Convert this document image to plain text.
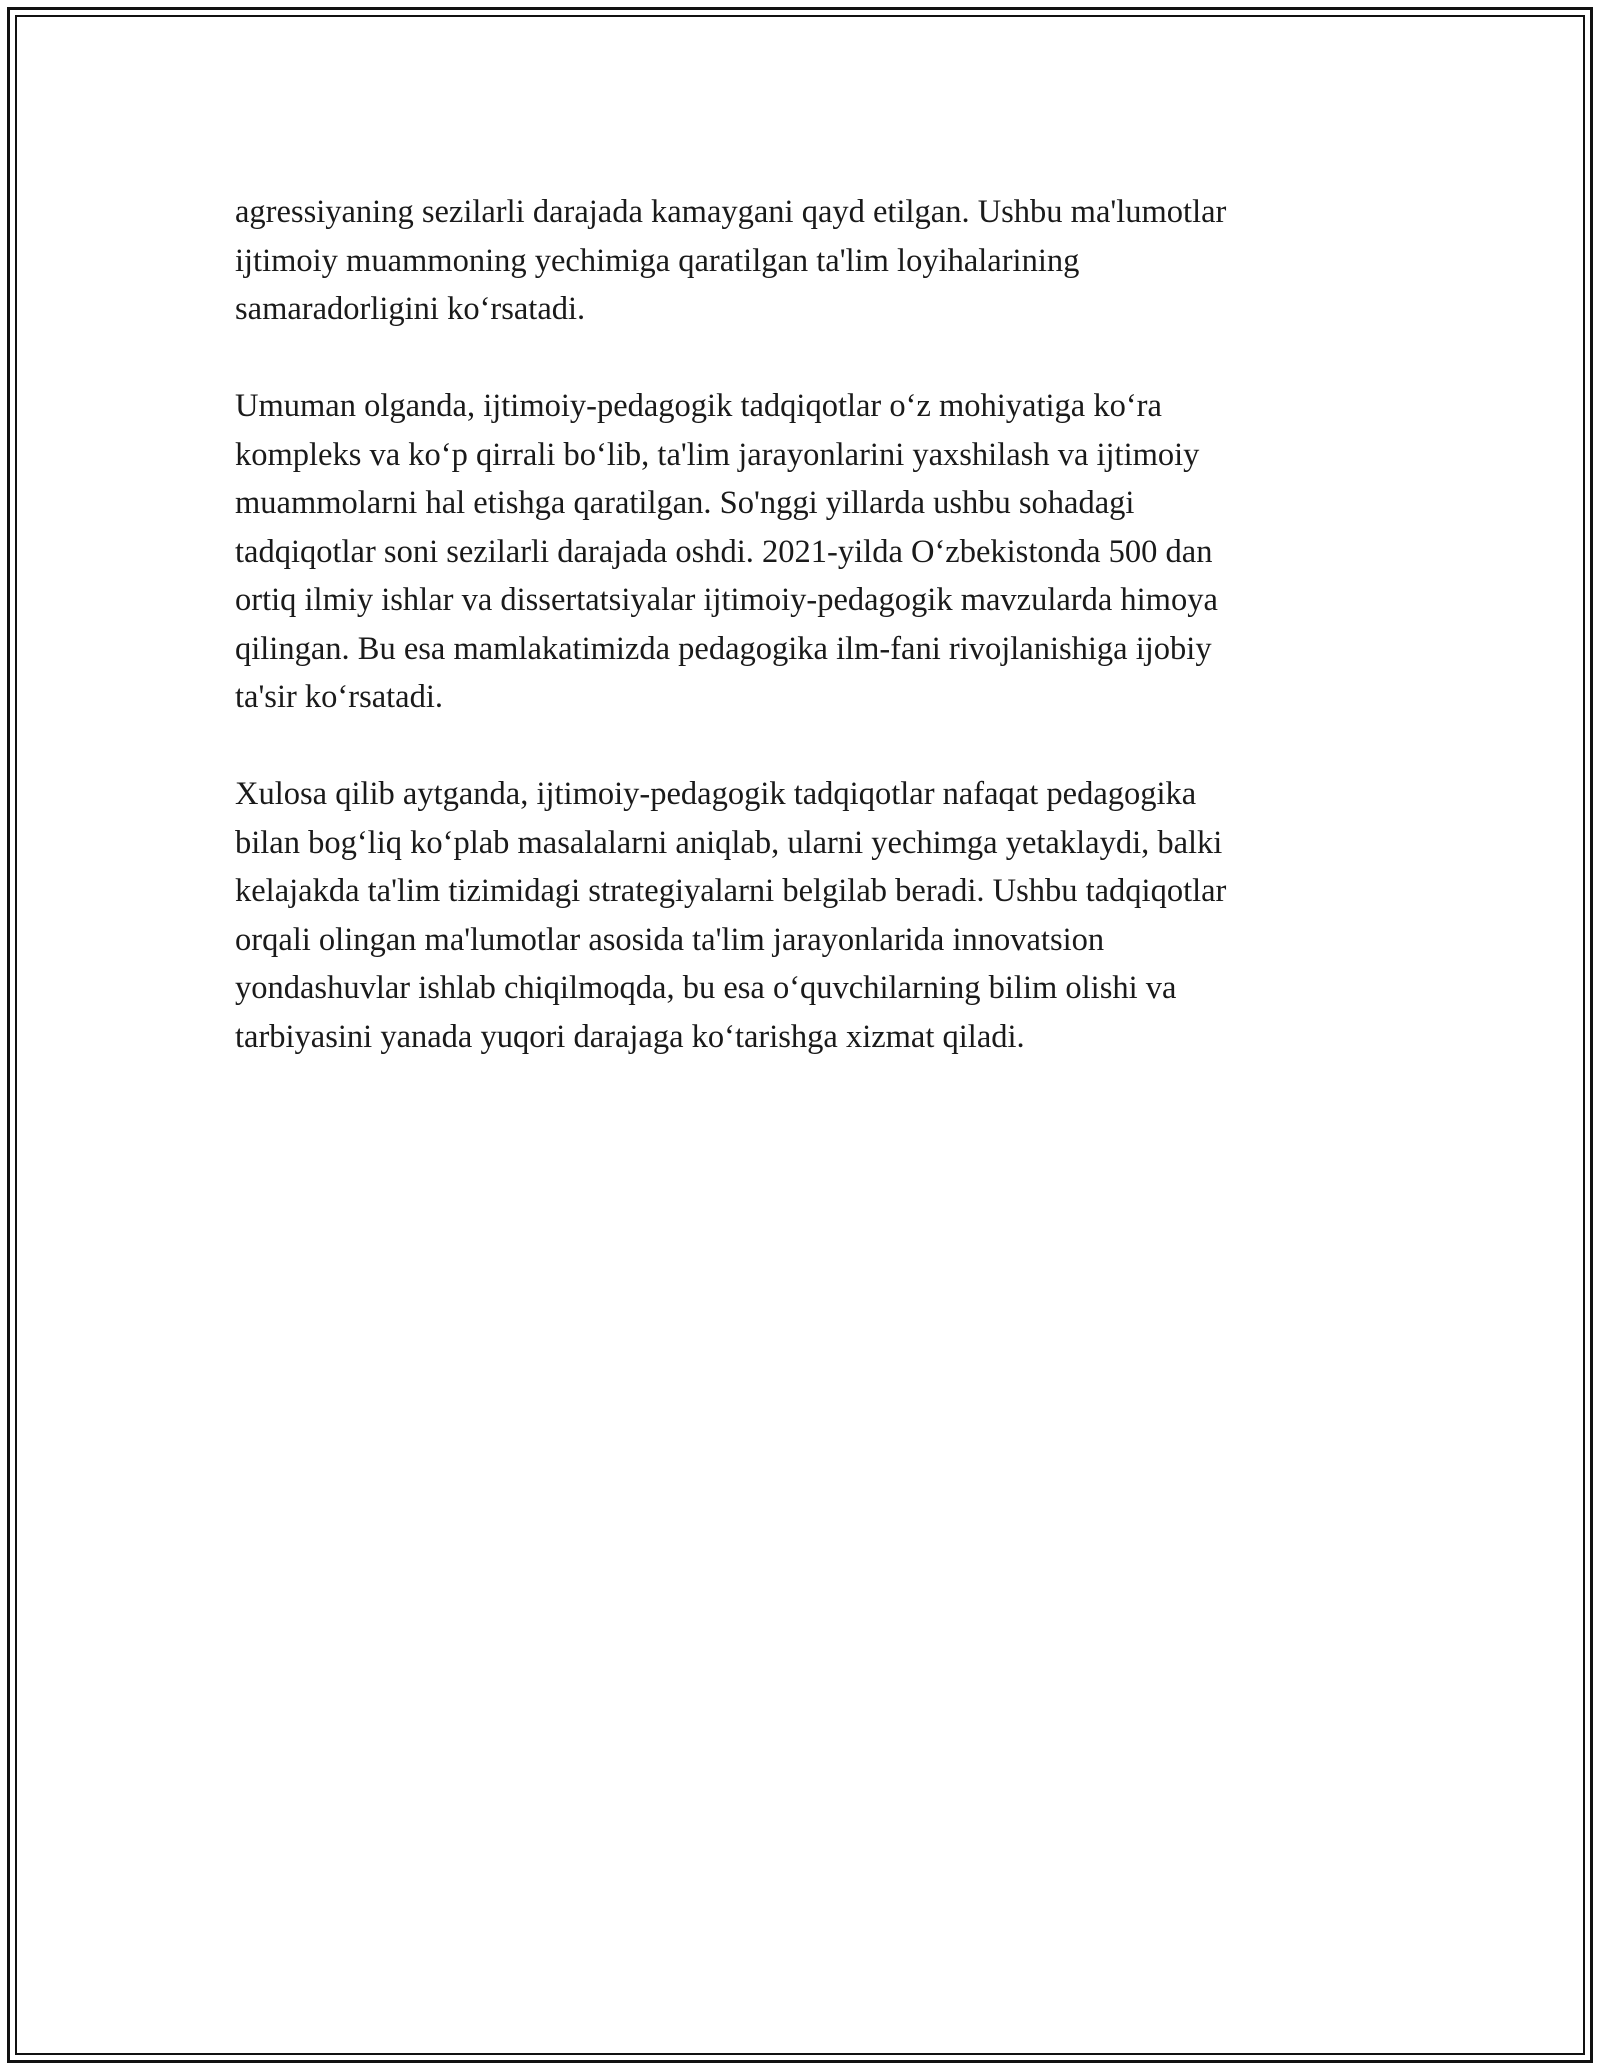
agressiyaning sezilarli darajada kamaygani qayd etilgan. Ushbu ma'lumotlar
ijtimoiy muammoning yechimiga qaratilgan ta'lim loyihalarining
samaradorligini koʻrsatadi.

Umuman olganda, ijtimoiy-pedagogik tadqiqotlar oʻz mohiyatiga koʻra
kompleks va koʻp qirrali boʻlib, ta'lim jarayonlarini yaxshilash va ijtimoiy
muammolarni hal etishga qaratilgan. So'nggi yillarda ushbu sohadagi
tadqiqotlar soni sezilarli darajada oshdi. 2021-yilda Oʻzbekistonda 500 dan
ortiq ilmiy ishlar va dissertatsiyalar ijtimoiy-pedagogik mavzularda himoya
qilingan. Bu esa mamlakatimizda pedagogika ilm-fani rivojlanishiga ijobiy
ta'sir koʻrsatadi.

Xulosa qilib aytganda, ijtimoiy-pedagogik tadqiqotlar nafaqat pedagogika
bilan bogʻliq koʻplab masalalarni aniqlab, ularni yechimga yetaklaydi, balki
kelajakda ta'lim tizimidagi strategiyalarni belgilab beradi. Ushbu tadqiqotlar
orqali olingan ma'lumotlar asosida ta'lim jarayonlarida innovatsion
yondashuvlar ishlab chiqilmoqda, bu esa oʻquvchilarning bilim olishi va
tarbiyasini yanada yuqori darajaga koʻtarishga xizmat qiladi.
